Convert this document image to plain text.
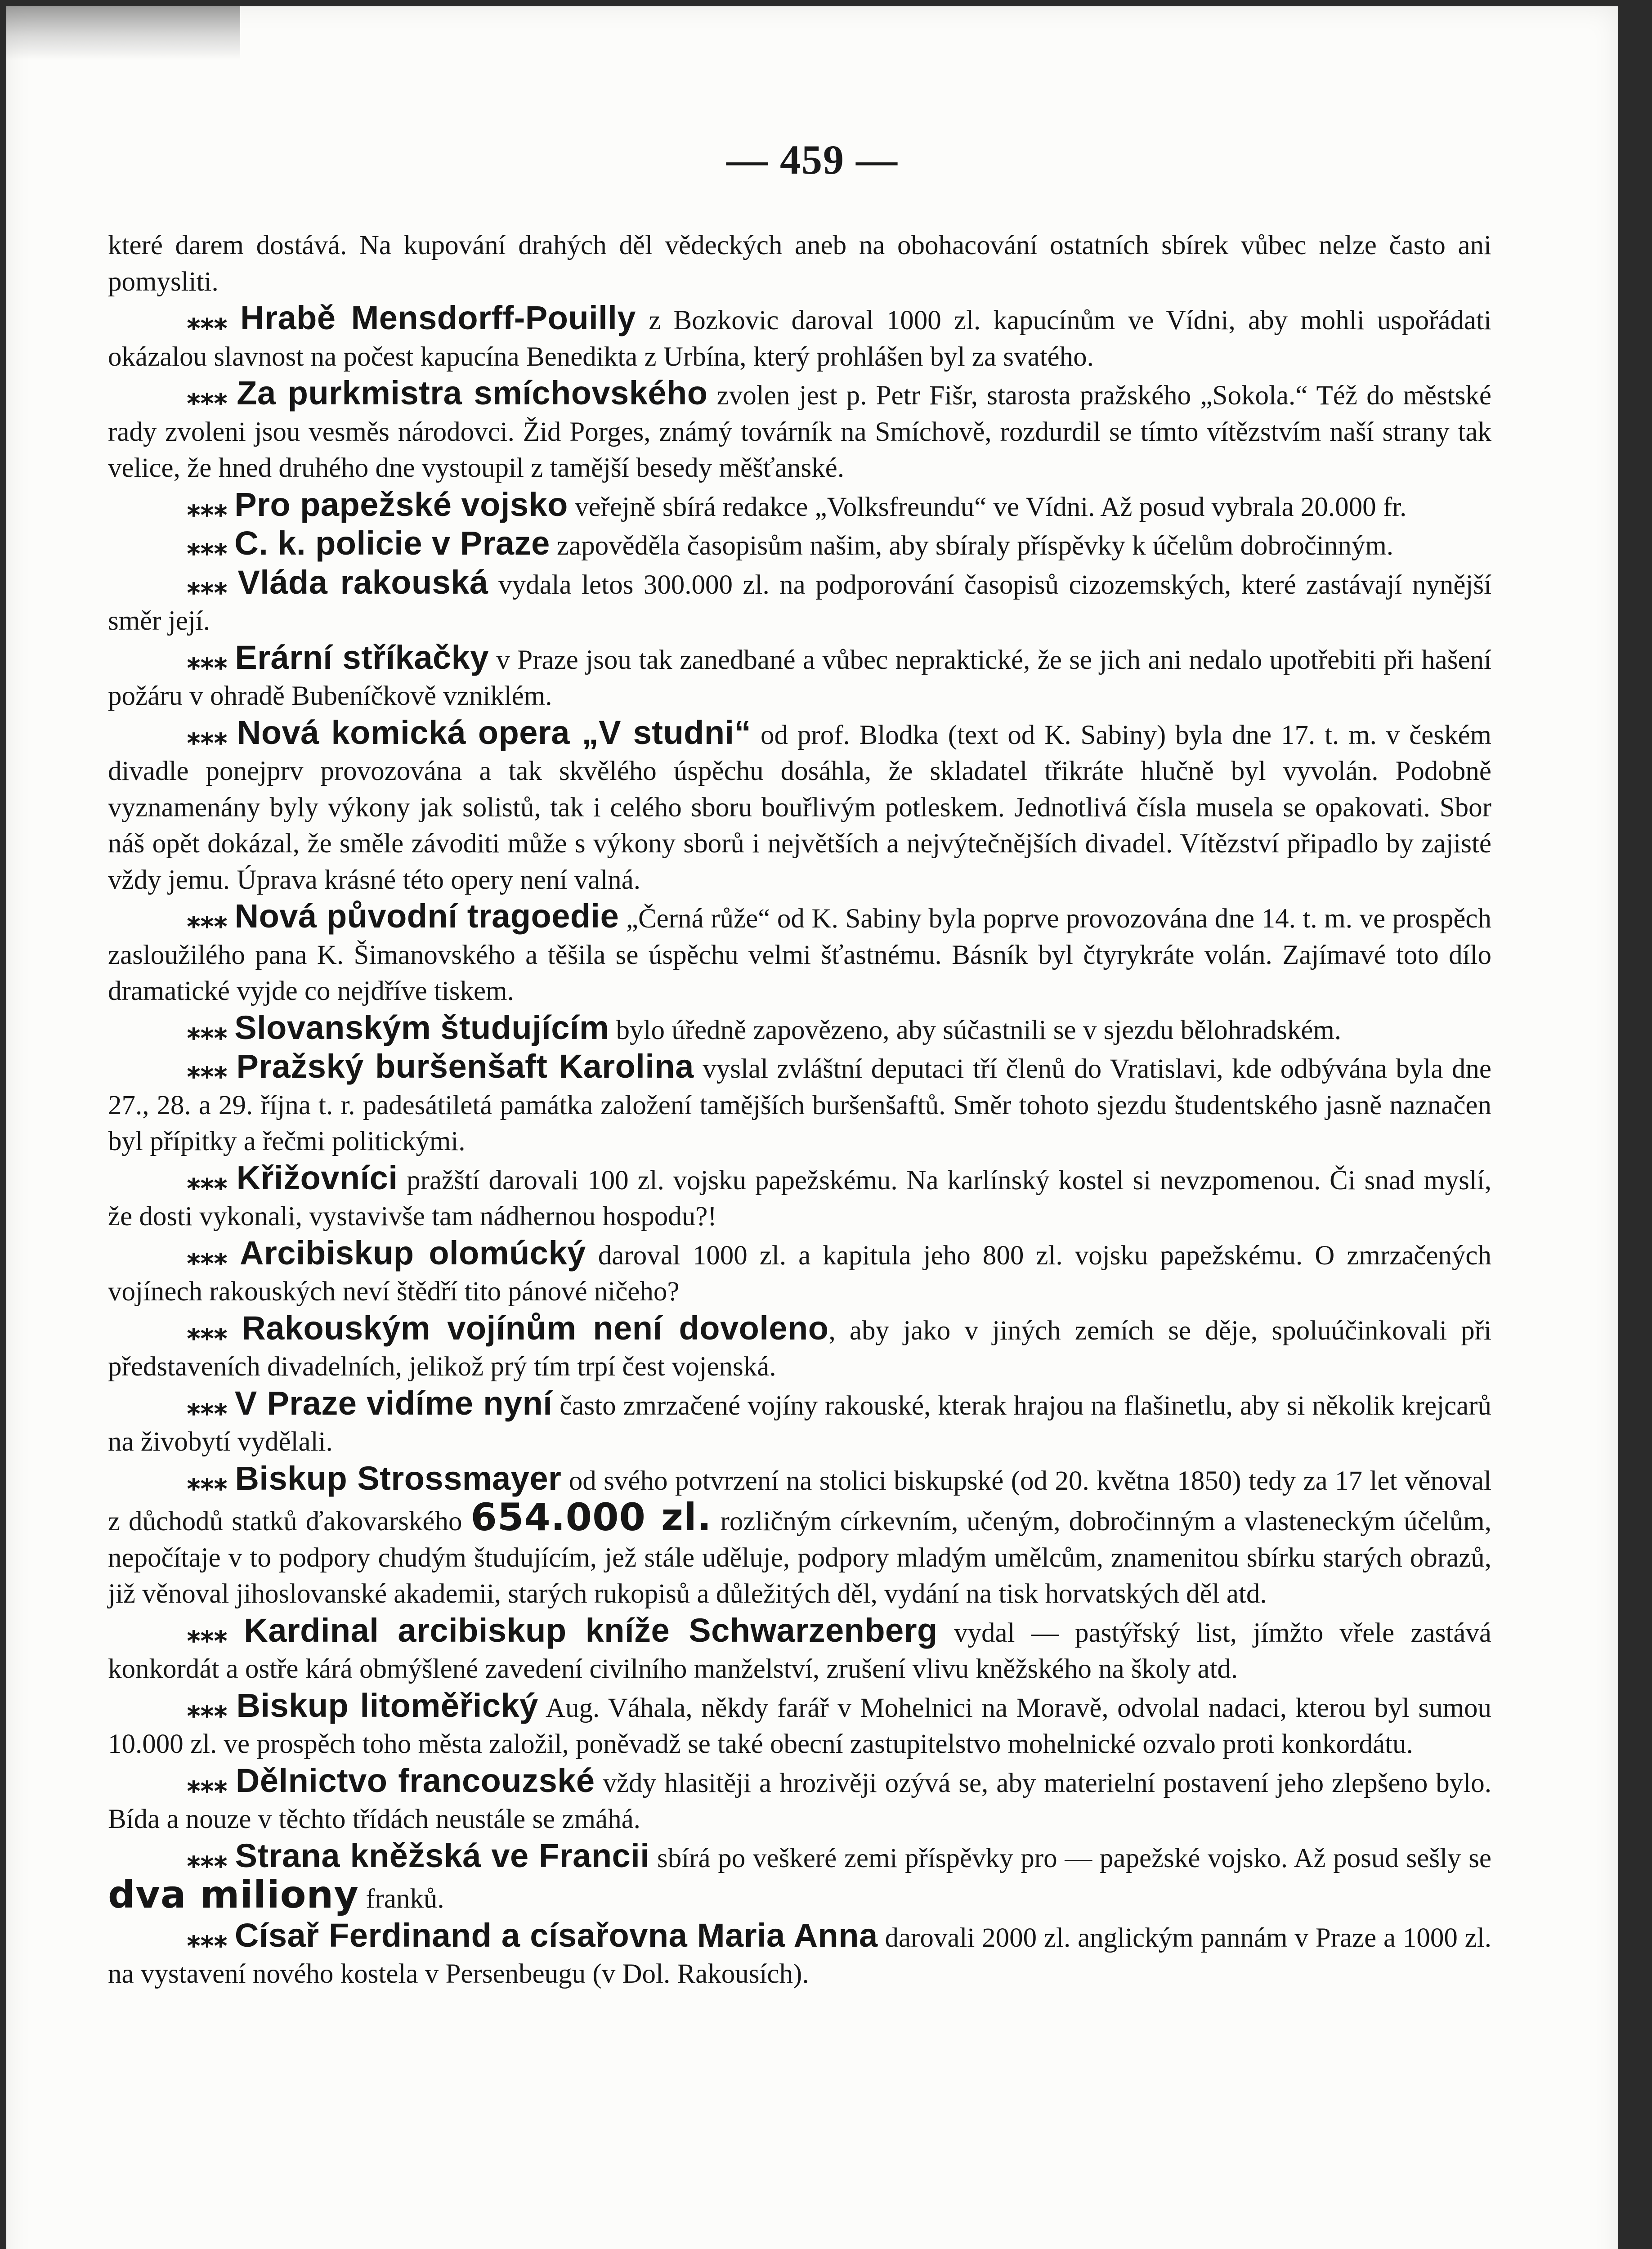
— 459 —

které darem dostává. Na kupování drahých děl vědeckých aneb na obohacování ostatních sbírek vůbec nelze často ani pomysliti.

⁎⁎⁎ Hrabě Mensdorff-Pouilly z Bozkovic daroval 1000 zl. kapucínům ve Vídni, aby mohli uspořádati okázalou slavnost na počest kapucína Benedikta z Urbína, který prohlášen byl za svatého.

⁎⁎⁎ Za purkmistra smíchovského zvolen jest p. Petr Fišr, starosta pražského „Sokola.“ Též do městské rady zvoleni jsou vesměs národovci. Žid Porges, známý továrník na Smíchově, rozdurdil se tímto vítězstvím naší strany tak velice, že hned druhého dne vystoupil z tamější besedy měšťanské.

⁎⁎⁎ Pro papežské vojsko veřejně sbírá redakce „Volksfreundu“ ve Vídni. Až posud vybrala 20.000 fr.

⁎⁎⁎ C. k. policie v Praze zapověděla časopisům našim, aby sbíraly příspěvky k účelům dobročinným.

⁎⁎⁎ Vláda rakouská vydala letos 300.000 zl. na podporování časopisů cizozemských, které zastávají nynější směr její.

⁎⁎⁎ Erární stříkačky v Praze jsou tak zanedbané a vůbec nepraktické, že se jich ani nedalo upotřebiti při hašení požáru v ohradě Bubeníčkově vzniklém.

⁎⁎⁎ Nová komická opera „V studni“ od prof. Blodka (text od K. Sabiny) byla dne 17. t. m. v českém divadle ponejprv provozována a tak skvělého úspěchu dosáhla, že skladatel třikráte hlučně byl vyvolán. Podobně vyznamenány byly výkony jak solistů, tak i celého sboru bouřlivým potleskem. Jednotlivá čísla musela se opakovati. Sbor náš opět dokázal, že směle závoditi může s výkony sborů i největších a nejvýtečnějších divadel. Vítězství připadlo by zajisté vždy jemu. Úprava krásné této opery není valná.

⁎⁎⁎ Nová původní tragoedie „Černá růže“ od K. Sabiny byla poprve provozována dne 14. t. m. ve prospěch zasloužilého pana K. Šimanovského a těšila se úspěchu velmi šťastnému. Básník byl čtyrykráte volán. Zajímavé toto dílo dramatické vyjde co nejdříve tiskem.

⁎⁎⁎ Slovanským študujícím bylo úředně zapovězeno, aby súčastnili se v sjezdu bělohradském.

⁎⁎⁎ Pražský buršenšaft Karolina vyslal zvláštní deputaci tří členů do Vratislavi, kde odbývána byla dne 27., 28. a 29. října t. r. padesátiletá památka založení tamějších buršenšaftů. Směr tohoto sjezdu študentského jasně naznačen byl přípitky a řečmi politickými.

⁎⁎⁎ Křižovníci pražští darovali 100 zl. vojsku papežskému. Na karlínský kostel si nevzpomenou. Či snad myslí, že dosti vykonali, vystavivše tam nádhernou hospodu?!

⁎⁎⁎ Arcibiskup olomúcký daroval 1000 zl. a kapitula jeho 800 zl. vojsku papežskému. O zmrzačených vojínech rakouských neví štědří tito pánové ničeho?

⁎⁎⁎ Rakouským vojínům není dovoleno, aby jako v jiných zemích se děje, spoluúčinkovali při představeních divadelních, jelikož prý tím trpí čest vojenská.

⁎⁎⁎ V Praze vidíme nyní často zmrzačené vojíny rakouské, kterak hrajou na flašinetlu, aby si několik krejcarů na živobytí vydělali.

⁎⁎⁎ Biskup Strossmayer od svého potvrzení na stolici biskupské (od 20. května 1850) tedy za 17 let věnoval z důchodů statků ďakovarského 654.000 zl. rozličným církevním, učeným, dobročinným a vlasteneckým účelům, nepočítaje v to podpory chudým študujícím, jež stále uděluje, podpory mladým umělcům, znamenitou sbírku starých obrazů, již věnoval jihoslovanské akademii, starých rukopisů a důležitých děl, vydání na tisk horvatských děl atd.

⁎⁎⁎ Kardinal arcibiskup kníže Schwarzenberg vydal — pastýřský list, jímžto vřele zastává konkordát a ostře kárá obmýšlené zavedení civilního manželství, zrušení vlivu kněžského na školy atd.

⁎⁎⁎ Biskup litoměřický Aug. Váhala, někdy farář v Mohelnici na Moravě, odvolal nadaci, kterou byl sumou 10.000 zl. ve prospěch toho města založil, poněvadž se také obecní zastupitelstvo mohelnické ozvalo proti konkordátu.

⁎⁎⁎ Dělnictvo francouzské vždy hlasitěji a hrozivěji ozývá se, aby materielní postavení jeho zlepšeno bylo. Bída a nouze v těchto třídách neustále se zmáhá.

⁎⁎⁎ Strana kněžská ve Francii sbírá po veškeré zemi příspěvky pro — papežské vojsko. Až posud sešly se dva miliony franků.

⁎⁎⁎ Císař Ferdinand a císařovna Maria Anna darovali 2000 zl. anglickým pannám v Praze a 1000 zl. na vystavení nového kostela v Persenbeugu (v Dol. Rakousích).
